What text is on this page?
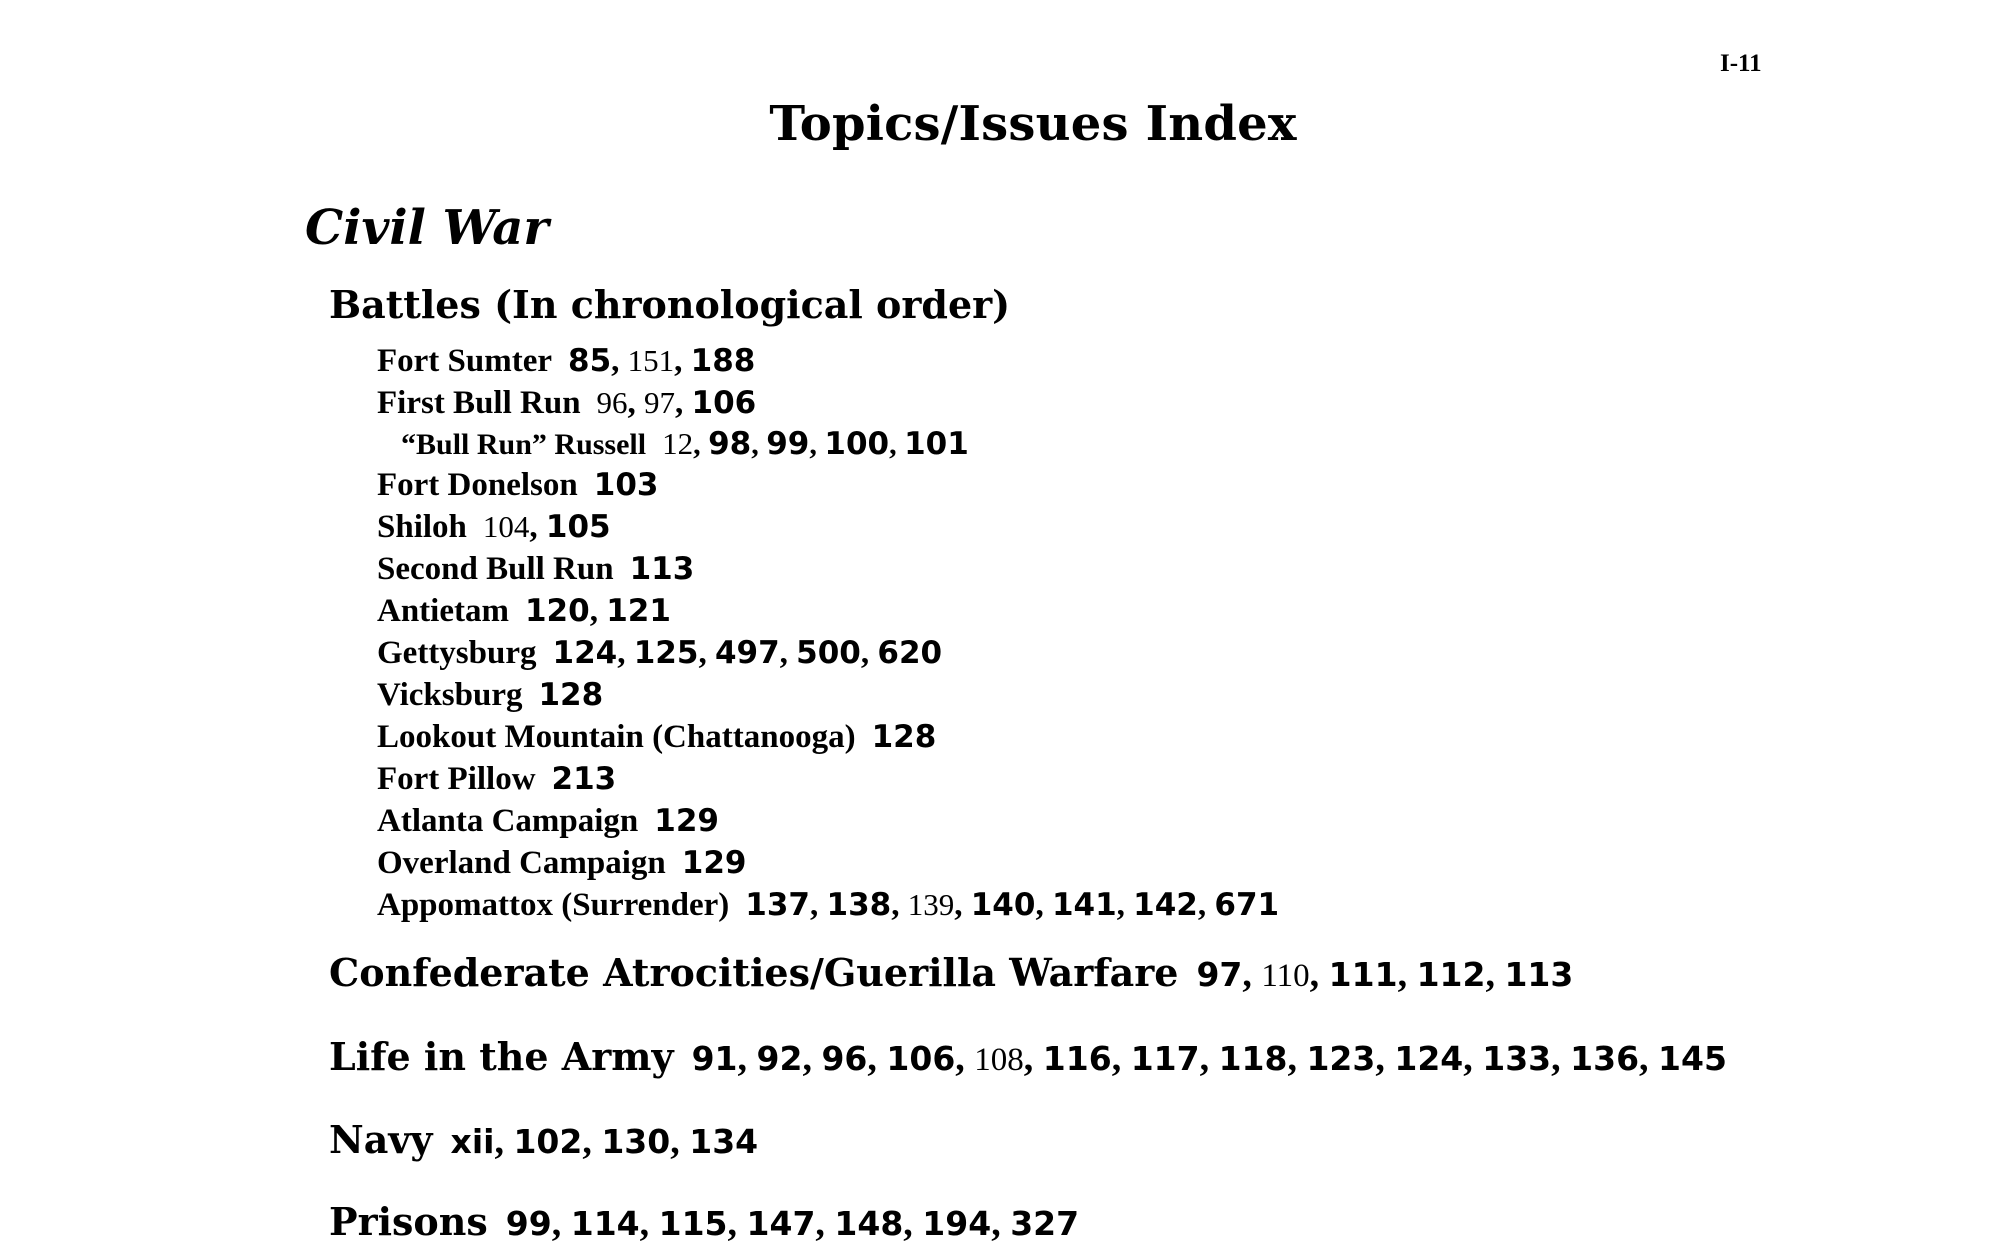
I-11
Topics/Issues Index
Civil War
Battles (In chronological order)
Fort Sumter 85, 151, 188
First Bull Run 96, 97, 106
“Bull Run” Russell 12, 98, 99, 100, 101
Fort Donelson 103
Shiloh 104, 105
Second Bull Run 113
Antietam 120, 121
Gettysburg 124, 125, 497, 500, 620
Vicksburg 128
Lookout Mountain (Chattanooga) 128
Fort Pillow 213
Atlanta Campaign 129
Overland Campaign 129
Appomattox (Surrender) 137, 138, 139, 140, 141, 142, 671
Confederate Atrocities/Guerilla Warfare 97, 110, 111, 112, 113
Life in the Army 91, 92, 96, 106, 108, 116, 117, 118, 123, 124, 133, 136, 145
Navy xii, 102, 130, 134
Prisons 99, 114, 115, 147, 148, 194, 327
